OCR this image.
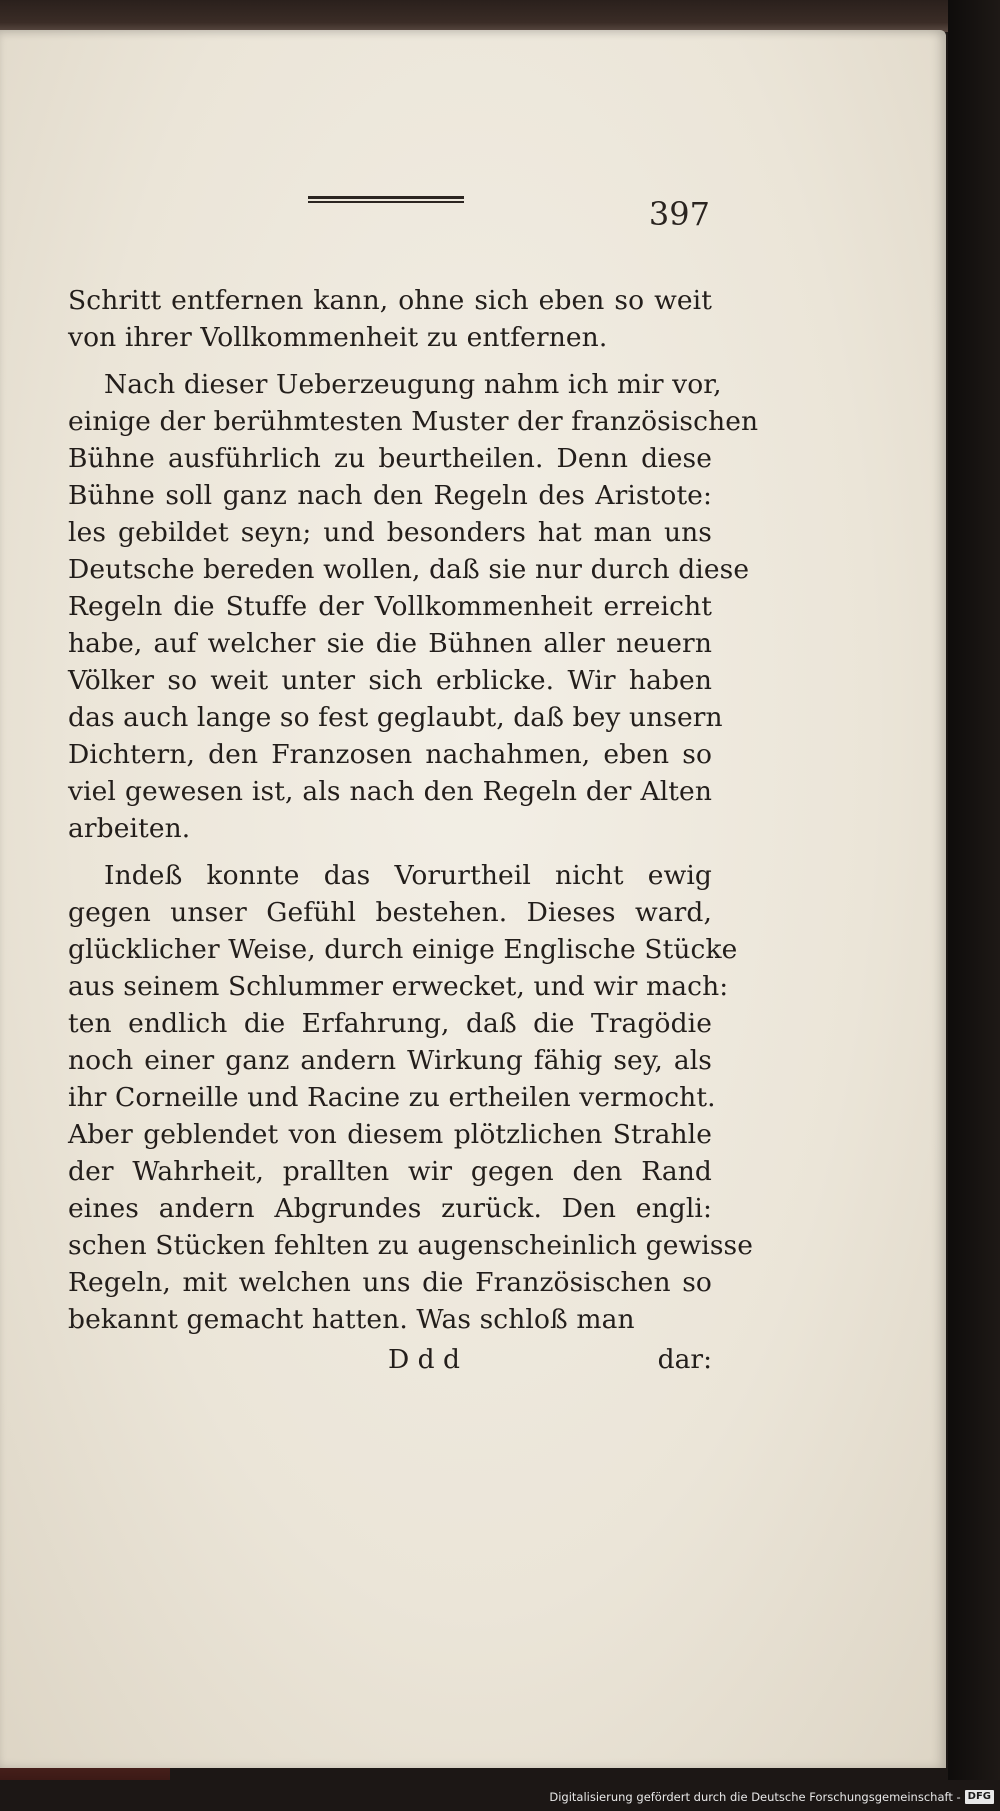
397

Schritt entfernen kann, ohne sich eben so weit
von ihrer Vollkommenheit zu entfernen.

Nach dieser Ueberzeugung nahm ich mir vor,
einige der berühmtesten Muster der französischen
Bühne ausführlich zu beurtheilen. Denn diese
Bühne soll ganz nach den Regeln des Aristote:
les gebildet seyn; und besonders hat man uns
Deutsche bereden wollen, daß sie nur durch diese
Regeln die Stuffe der Vollkommenheit erreicht
habe, auf welcher sie die Bühnen aller neuern
Völker so weit unter sich erblicke. Wir haben
das auch lange so fest geglaubt, daß bey unsern
Dichtern, den Franzosen nachahmen, eben so
viel gewesen ist, als nach den Regeln der Alten
arbeiten.

Indeß konnte das Vorurtheil nicht ewig
gegen unser Gefühl bestehen. Dieses ward,
glücklicher Weise, durch einige Englische Stücke
aus seinem Schlummer erwecket, und wir mach:
ten endlich die Erfahrung, daß die Tragödie
noch einer ganz andern Wirkung fähig sey, als
ihr Corneille und Racine zu ertheilen vermocht.
Aber geblendet von diesem plötzlichen Strahle
der Wahrheit, prallten wir gegen den Rand
eines andern Abgrundes zurück. Den engli:
schen Stücken fehlten zu augenscheinlich gewisse
Regeln, mit welchen uns die Französischen so
bekannt gemacht hatten. Was schloß man

D d d	dar:
Digitalisierung gefördert durch die Deutsche Forschungsgemeinschaft - DFG
